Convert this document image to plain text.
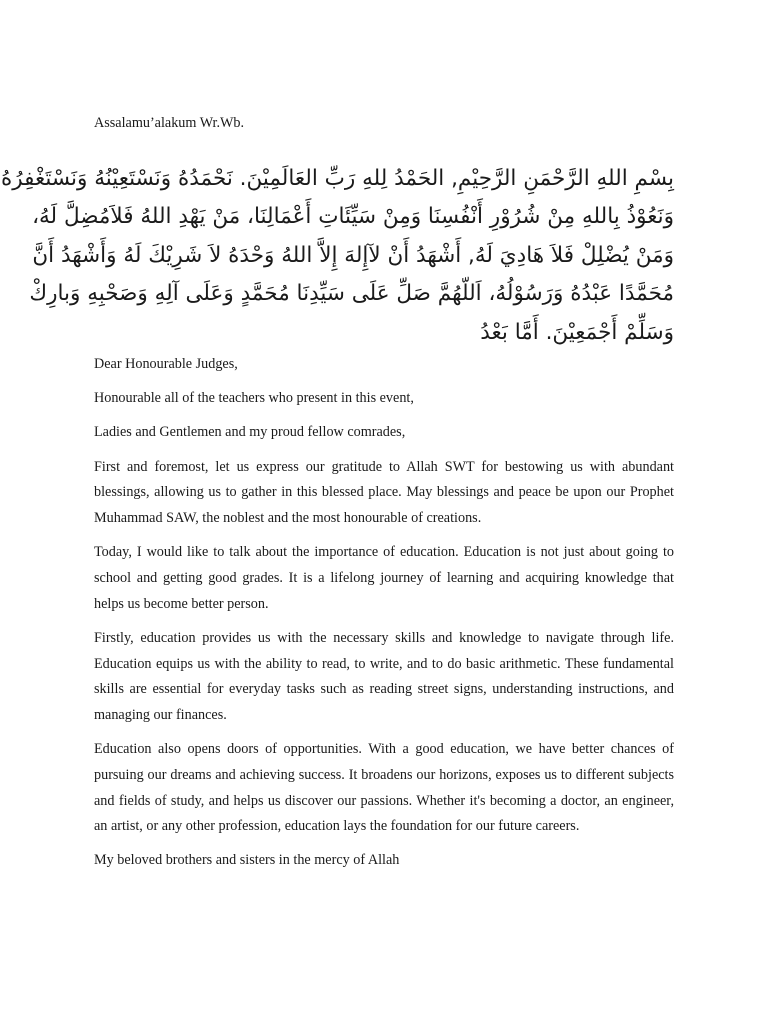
Assalamu’alakum Wr.Wb.
بِسْمِ اللهِ الرَّحْمَنِ الرَّحِيْمِ, الحَمْدُ لِلهِ رَبِّ العَالَمِيْنَ. نَحْمَدُهُ وَنَسْتَعِيْنُهُ وَنَسْتَغْفِرُهُ
وَنَعُوْذُ بِاللهِ مِنْ شُرُوْرِ أَنْفُسِنَا وَمِنْ سَيِّئَاتِ أَعْمَالِنَا، مَنْ يَهْدِ اللهُ فَلاَمُضِلَّ لَهُ،
وَمَنْ يُضْلِلْ فَلاَ هَادِيَ لَهُ, أَشْهَدُ أَنْ لآإِلهَ إِلاَّ اللهُ وَحْدَهُ لاَ شَرِيْكَ لَهُ وَأَشْهَدُ أَنَّ
مُحَمَّدًا عَبْدُهُ وَرَسُوْلُهُ، اَللّهُمَّ صَلِّ عَلَى سَيِّدِنَا مُحَمَّدٍ وَعَلَى آلِهِ وَصَحْبِهِ وَبارِكْ
وَسَلِّمْ أَجْمَعِيْنَ. أَمَّا بَعْدُ

Dear Honourable Judges,

Honourable all of the teachers who present in this event,

Ladies and Gentlemen and my proud fellow comrades,

First and foremost, let us express our gratitude to Allah SWT for bestowing us with abundant blessings, allowing us to gather in this blessed place. May blessings and peace be upon our Prophet Muhammad SAW, the noblest and the most honourable of creations.

Today, I would like to talk about the importance of education. Education is not just about going to school and getting good grades. It is a lifelong journey of learning and acquiring knowledge that helps us become better person.

Firstly, education provides us with the necessary skills and knowledge to navigate through life. Education equips us with the ability to read, to write, and to do basic arithmetic. These fundamental skills are essential for everyday tasks such as reading street signs, understanding instructions, and managing our finances.

Education also opens doors of opportunities. With a good education, we have better chances of pursuing our dreams and achieving success. It broadens our horizons, exposes us to different subjects and fields of study, and helps us discover our passions. Whether it's becoming a doctor, an engineer, an artist, or any other profession, education lays the foundation for our future careers.

My beloved brothers and sisters in the mercy of Allah
